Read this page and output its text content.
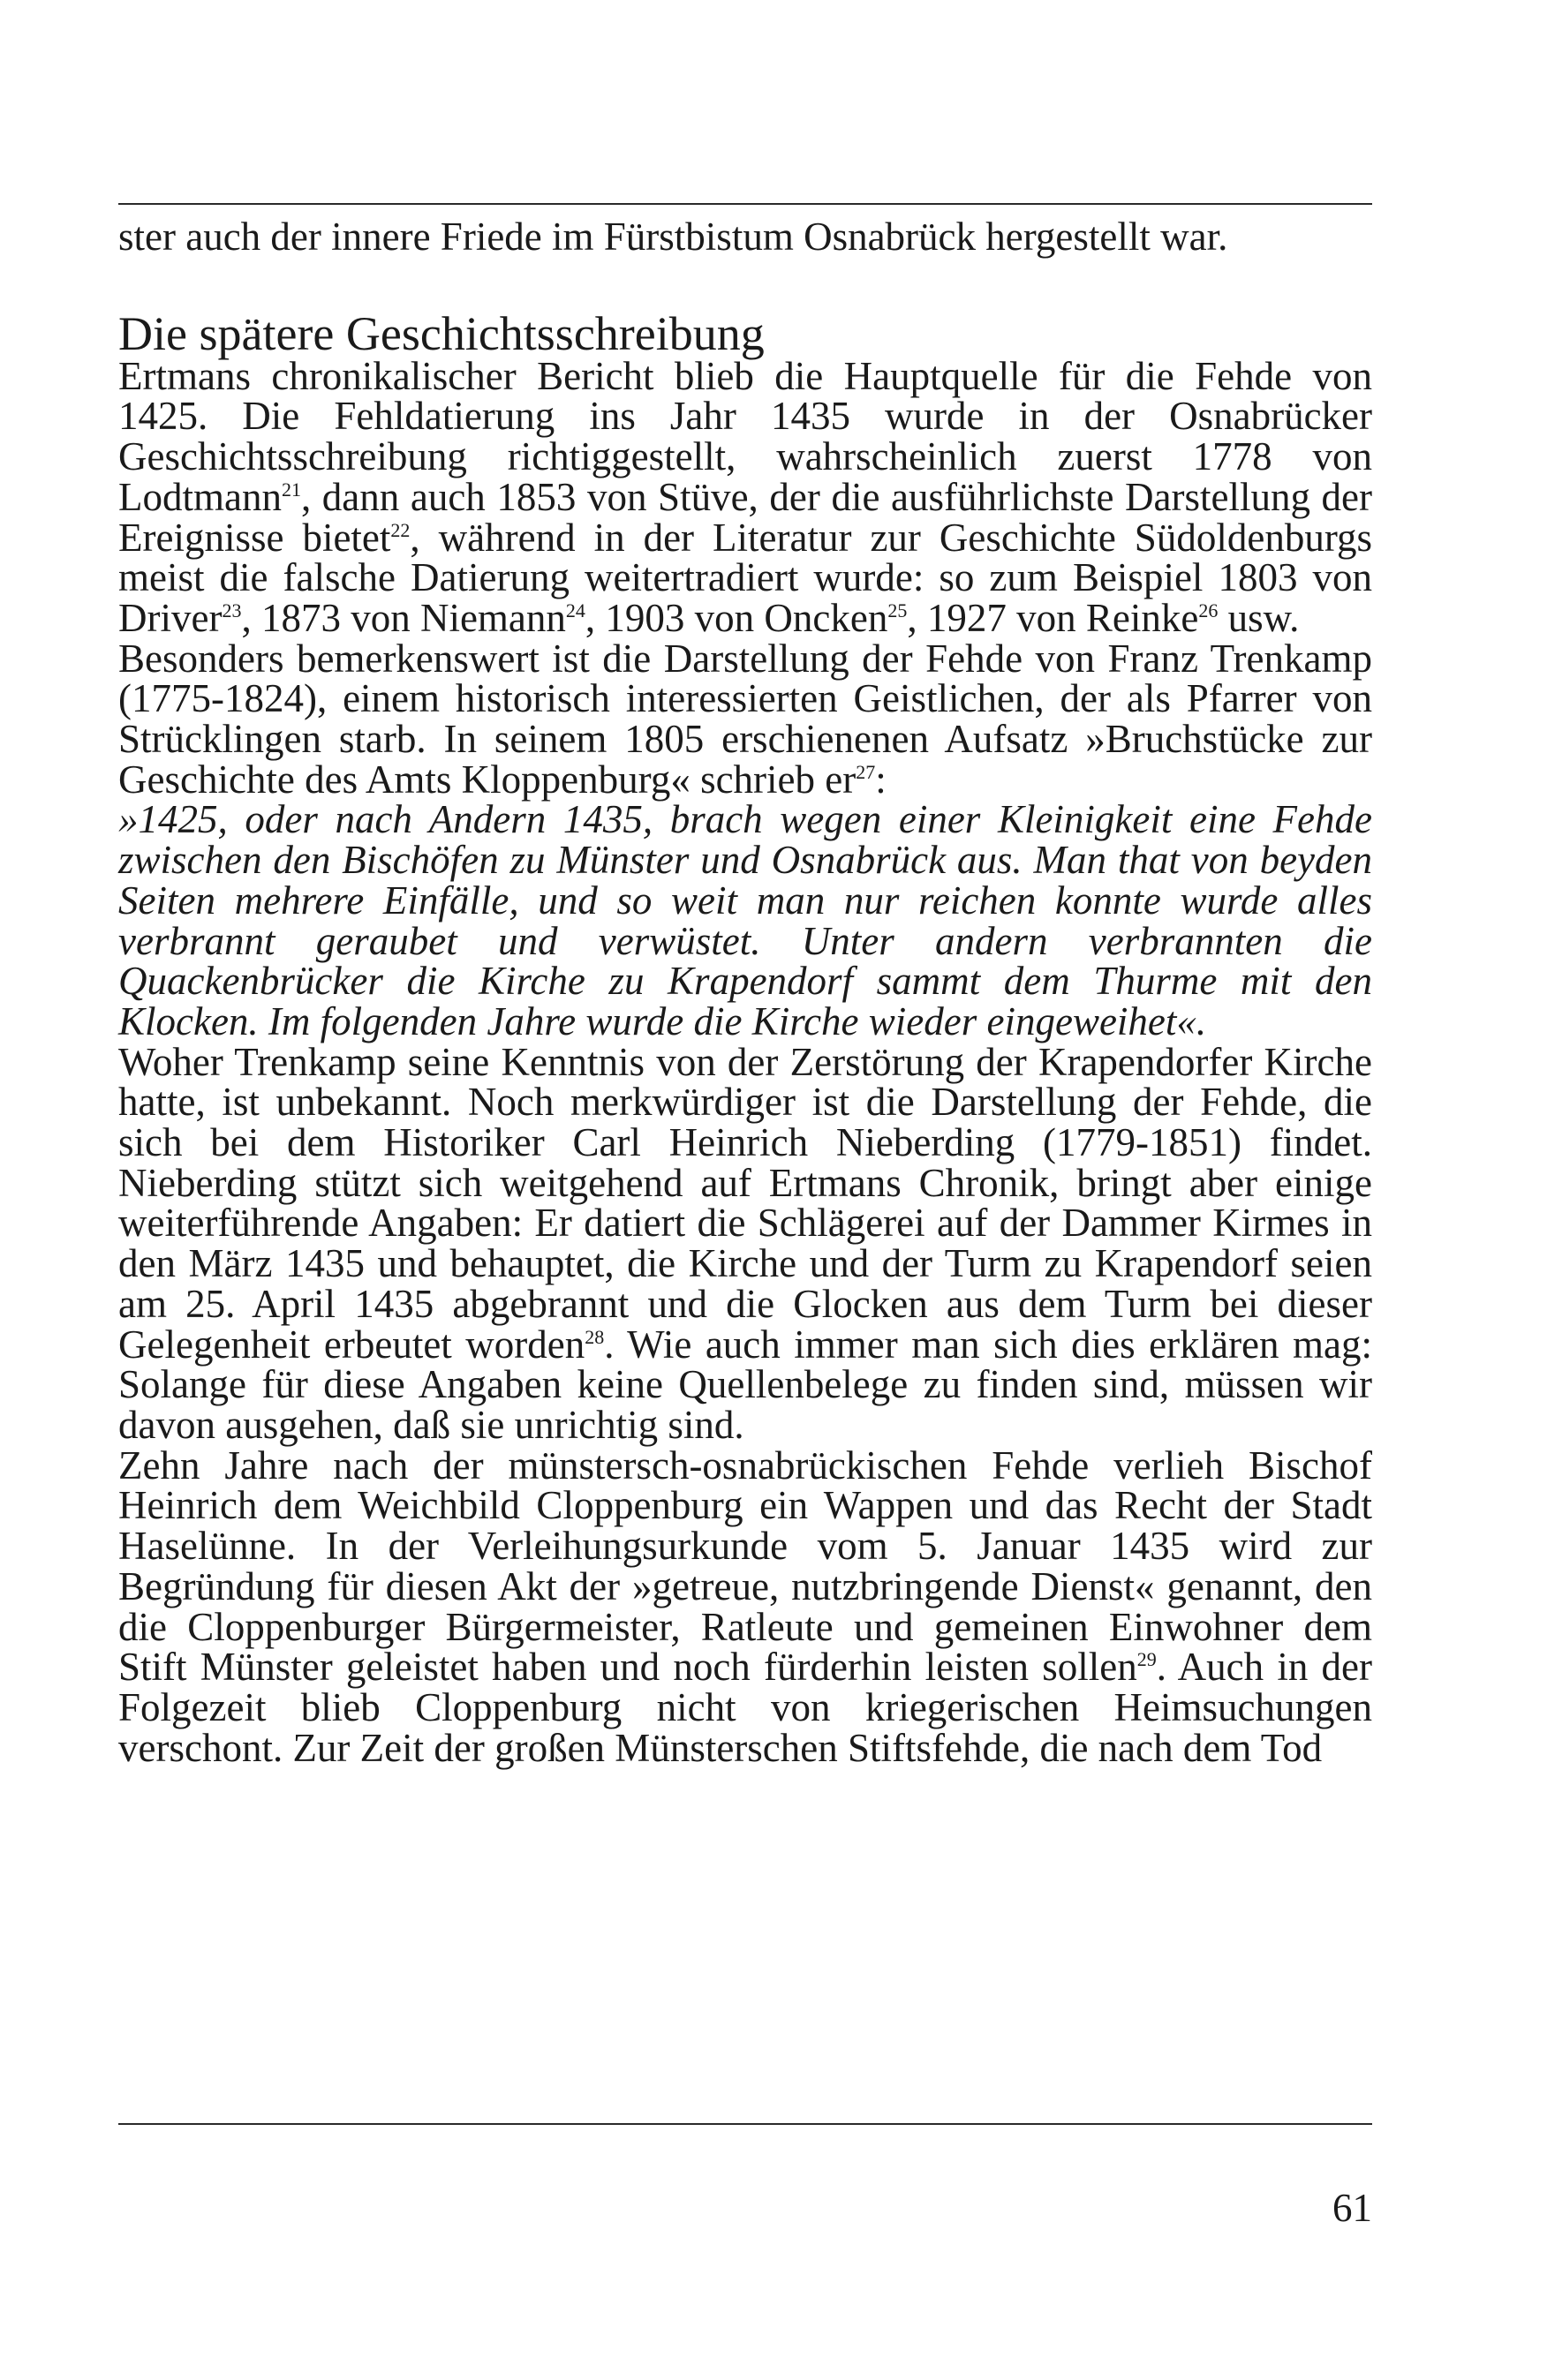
ster auch der innere Friede im Fürstbistum Osnabrück hergestellt war.

Die spätere Geschichtsschreibung

Ertmans chronikalischer Bericht blieb die Hauptquelle für die Fehde von 1425. Die Fehldatierung ins Jahr 1435 wurde in der Osnabrücker Geschichtsschreibung richtiggestellt, wahrscheinlich zuerst 1778 von Lodtmann$^{21}$, dann auch 1853 von Stüve, der die ausführlichste Darstellung der Ereignisse bietet$^{22}$, während in der Literatur zur Geschichte Südoldenburgs meist die falsche Datierung weitertradiert wurde: so zum Beispiel 1803 von Driver$^{23}$, 1873 von Niemann$^{24}$, 1903 von Oncken$^{25}$, 1927 von Reinke$^{26}$ usw.

Besonders bemerkenswert ist die Darstellung der Fehde von Franz Trenkamp (1775-1824), einem historisch interessierten Geistlichen, der als Pfarrer von Strücklingen starb. In seinem 1805 erschienenen Aufsatz »Bruchstücke zur Geschichte des Amts Kloppenburg« schrieb $er^{27}$:

»1425, oder nach Andern 1435, brach wegen einer Kleinigkeit eine Fehde zwischen den Bischöfen zu Münster und Osnabrück aus. Man that von beyden Seiten mehrere Einfälle, und so weit man nur reichen konnte wurde alles verbrannt geraubet und verwüstet. Unter andern verbrannten die Quackenbrücker die Kirche zu Krapendorf sammt dem Thurme mit den Klocken. Im folgenden Jahre wurde die Kirche wieder eingeweihet«.

Woher Trenkamp seine Kenntnis von der Zerstörung der Krapendorfer Kirche hatte, ist unbekannt. Noch merkwürdiger ist die Darstellung der Fehde, die sich bei dem Historiker Carl Heinrich Nieberding (1779-1851) findet. Nieberding stützt sich weitgehend auf Ertmans Chronik, bringt aber einige weiterführende Angaben: Er datiert die Schlägerei auf der Dammer Kirmes in den März 1435 und behauptet, die Kirche und der Turm zu Krapendorf seien am 25. April 1435 abgebrannt und die Glocken aus dem Turm bei dieser Gelegenheit erbeutet worden$^{28}$. Wie auch immer man sich dies erklären mag: Solange für diese Angaben keine Quellenbelege zu finden sind, müssen wir davon ausgehen, daß sie unrichtig sind.

Zehn Jahre nach der münstersch-osnabrückischen Fehde verlieh Bischof Heinrich dem Weichbild Cloppenburg ein Wappen und das Recht der Stadt Haselünne. In der Verleihungsurkunde vom 5. Januar 1435 wird zur Begründung für diesen Akt der »getreue, nutzbringende Dienst« genannt, den die Cloppenburger Bürgermeister, Ratleute und gemeinen Einwohner dem Stift Münster geleistet haben und noch fürderhin leisten sollen$^{29}$. Auch in der Folgezeit blieb Cloppenburg nicht von kriegerischen Heimsuchungen verschont. Zur Zeit der großen Münsterschen Stiftsfehde, die nach dem Tod

61
